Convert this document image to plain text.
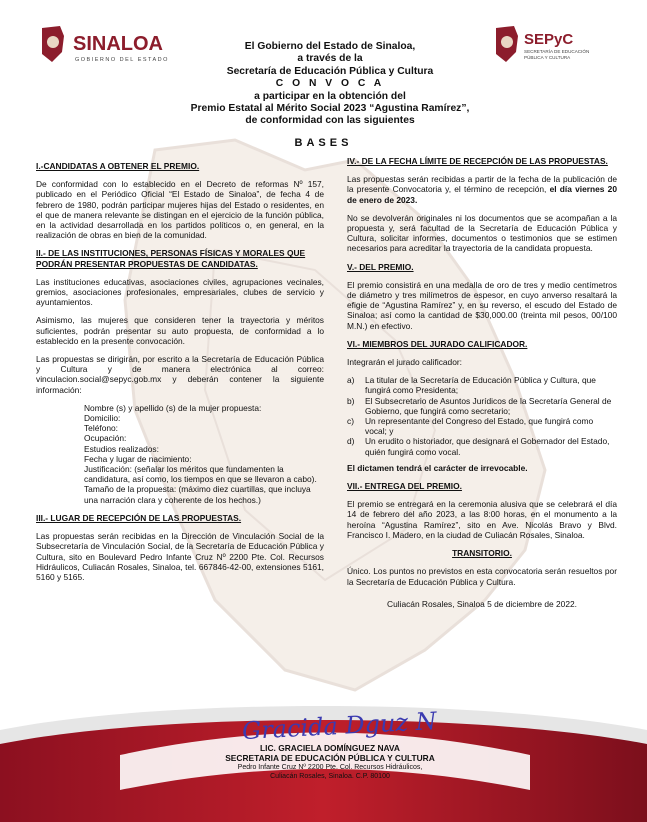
SINALOA
GOBIERNO DEL ESTADO
SEPyC
SECRETARÍA DE EDUCACIÓN
PÚBLICA Y CULTURA
El Gobierno del Estado de Sinaloa,
a través de la
Secretaría de Educación Pública y Cultura
C O N V O C A
a participar en la obtención del
Premio Estatal al Mérito Social 2023 “Agustina Ramírez”,
de conformidad con las siguientes
BASES
I.-CANDIDATAS A OBTENER EL PREMIO.

De conformidad con lo establecido en el Decreto de reformas Nº 157, publicado en el Periódico Oficial “El Estado de Sinaloa”, de fecha 4 de febrero de 1980, podrán participar mujeres hijas del Estado o residentes, en el que de manera relevante se distingan en el ejercicio de la función pública, en la actividad desarrollada en los partidos políticos o, en general, en la realización de obras en bien de la comunidad.

II.- DE LAS INSTITUCIONES, PERSONAS FÍSICAS Y MORALES QUE PODRÁN PRESENTAR PROPUESTAS DE CANDIDATAS.

Las instituciones educativas, asociaciones civiles, agrupaciones vecinales, gremios, asociaciones profesionales, empresariales, clubes de servicio y ayuntamientos.

Asimismo, las mujeres que consideren tener la trayectoria y méritos suficientes, podrán presentar su auto propuesta, de conformidad a lo establecido en la presente convocación.

Las propuestas se dirigirán, por escrito a la Secretaría de Educación Pública y Cultura y de manera electrónica al correo: vinculacion.social@sepyc.gob.mx y deberán contener la siguiente información:

Nombre (s) y apellido (s) de la mujer propuesta:
Domicilio:
Teléfono:
Ocupación:
Estudios realizados:
Fecha y lugar de nacimiento:
Justificación: (señalar los méritos que fundamenten la candidatura, así como, los tiempos en que se llevaron a cabo).
Tamaño de la propuesta: (máximo diez cuartillas, que incluya una narración clara y coherente de los hechos.)
III.- LUGAR DE RECEPCIÓN DE LAS PROPUESTAS.

Las propuestas serán recibidas en la Dirección de Vinculación Social de la Subsecretaría de Vinculación Social, de la Secretaría de Educación Pública y Cultura, sito en Boulevard Pedro Infante Cruz Nº 2200 Pte. Col. Recursos Hidráulicos, Culiacán Rosales, Sinaloa, tel. 667846-42-00, extensiones 5161, 5160 y 5165.

IV.- DE LA FECHA LÍMITE DE RECEPCIÓN DE LAS PROPUESTAS.

Las propuestas serán recibidas a partir de la fecha de la publicación de la presente Convocatoria y, el término de recepción, el día viernes 20 de enero de 2023.

No se devolverán originales ni los documentos que se acompañan a la propuesta y, será facultad de la Secretaría de Educación Pública y Cultura, solicitar informes, documentos o testimonios que se estimen necesarios para acreditar la trayectoria de la candidata propuesta.

V.- DEL PREMIO.

El premio consistirá en una medalla de oro de tres y medio centímetros de diámetro y tres milímetros de espesor, en cuyo anverso resaltará la efigie de “Agustina Ramírez” y, en su reverso, el escudo del Estado de Sinaloa; así como la cantidad de $30,000.00 (treinta mil pesos, 00/100 M.N.) en efectivo.

VI.- MIEMBROS DEL JURADO CALIFICADOR.

Integrarán el jurado calificador:

a)	La titular de la Secretaría de Educación Pública y Cultura, que fungirá como Presidenta;
b)	El Subsecretario de Asuntos Jurídicos de la Secretaría General de Gobierno, que fungirá como secretario;
c)	Un representante del Congreso del Estado, que fungirá como vocal; y
d)	Un erudito o historiador, que designará el Gobernador del Estado, quién fungirá como vocal.

El dictamen tendrá el carácter de irrevocable.

VII.- ENTREGA DEL PREMIO.

El premio se entregará en la ceremonia alusiva que se celebrará el día 14 de febrero del año 2023, a las 8:00 horas, en el monumento a la heroína “Agustina Ramírez”, sito en Ave. Nicolás Bravo y Blvd. Francisco I. Madero, en la ciudad de Culiacán Rosales, Sinaloa.

TRANSITORIO.

Único. Los puntos no previstos en esta convocatoria serán resueltos por la Secretaría de Educación Pública y Cultura.

Culiacán Rosales, Sinaloa 5 de diciembre de 2022.

Gracida Dguz N
LIC. GRACIELA DOMÍNGUEZ NAVA
SECRETARIA DE EDUCACIÓN PÚBLICA Y CULTURA
Pedro Infante Cruz Nº 2200 Pte. Col. Recursos Hidráulicos,
Culiacán Rosales, Sinaloa. C.P. 80100
